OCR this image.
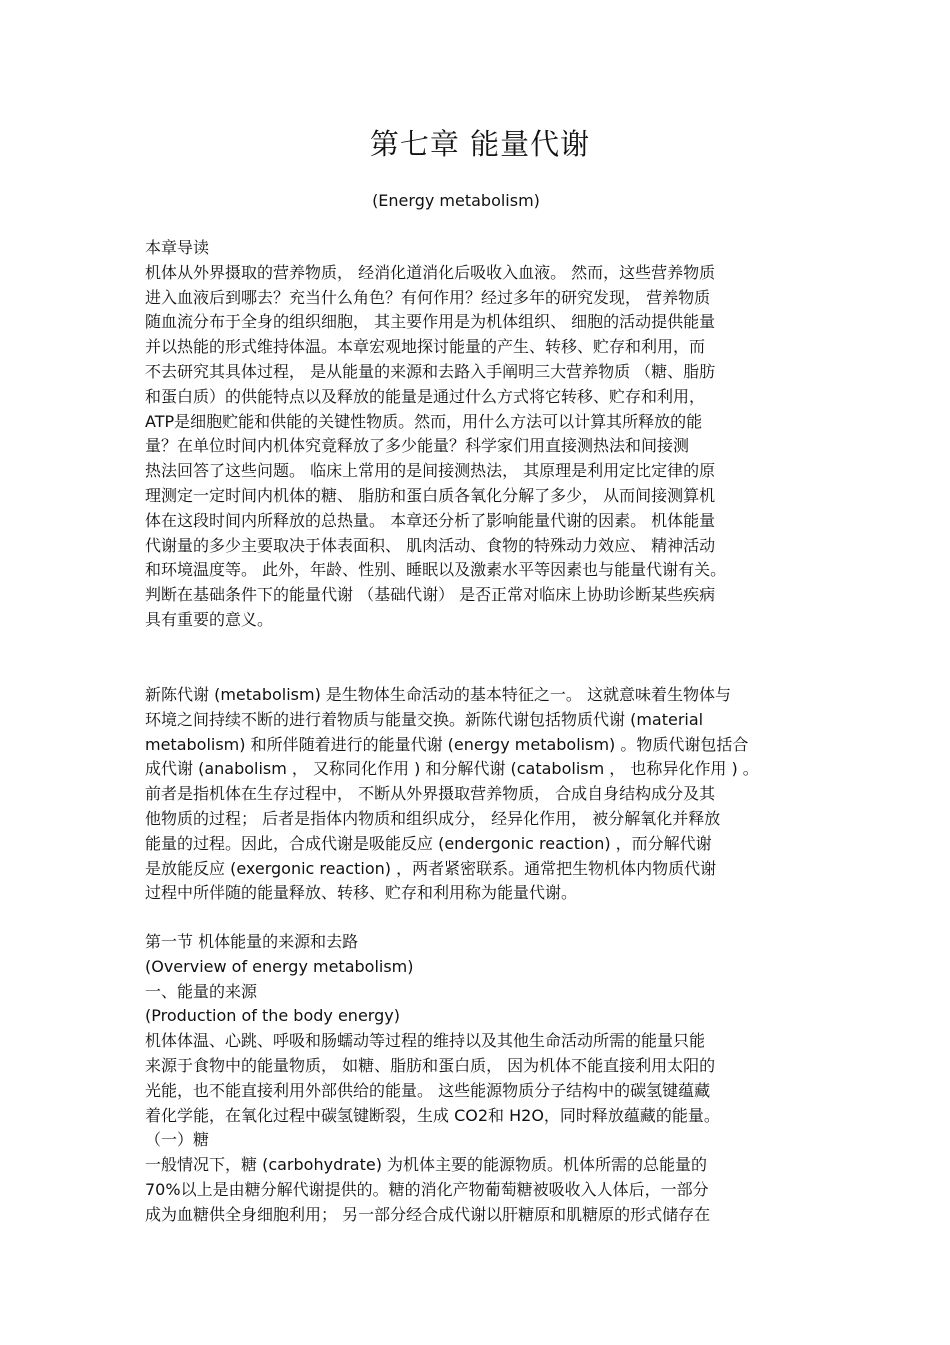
第七章 能量代谢

(Energy metabolism)

本章导读
机体从外界摄取的营养物质， 经消化道消化后吸收入血液。 然而，这些营养物质
进入血液后到哪去？充当什么角色？有何作用？经过多年的研究发现， 营养物质
随血流分布于全身的组织细胞， 其主要作用是为机体组织、 细胞的活动提供能量
并以热能的形式维持体温。本章宏观地探讨能量的产生、转移、贮存和利用，而
不去研究其具体过程， 是从能量的来源和去路入手阐明三大营养物质 （糖、脂肪
和蛋白质）的供能特点以及释放的能量是通过什么方式将它转移、贮存和利用，
ATP是细胞贮能和供能的关键性物质。然而，用什么方法可以计算其所释放的能
量？在单位时间内机体究竟释放了多少能量？科学家们用直接测热法和间接测
热法回答了这些问题。 临床上常用的是间接测热法， 其原理是利用定比定律的原
理测定一定时间内机体的糖、 脂肪和蛋白质各氧化分解了多少， 从而间接测算机
体在这段时间内所释放的总热量。 本章还分析了影响能量代谢的因素。 机体能量
代谢量的多少主要取决于体表面积、 肌肉活动、食物的特殊动力效应、 精神活动
和环境温度等。 此外，年龄、性别、睡眠以及激素水平等因素也与能量代谢有关。
判断在基础条件下的能量代谢 （基础代谢） 是否正常对临床上协助诊断某些疾病
具有重要的意义。
新陈代谢 (metabolism) 是生物体生命活动的基本特征之一。 这就意味着生物体与
环境之间持续不断的进行着物质与能量交换。新陈代谢包括物质代谢 (material
metabolism) 和所伴随着进行的能量代谢 (energy metabolism) 。物质代谢包括合
成代谢 (anabolism ， 又称同化作用 ) 和分解代谢 (catabolism ， 也称异化作用 ) 。
前者是指机体在生存过程中， 不断从外界摄取营养物质， 合成自身结构成分及其
他物质的过程； 后者是指体内物质和组织成分， 经异化作用， 被分解氧化并释放
能量的过程。因此，合成代谢是吸能反应 (endergonic reaction) ，而分解代谢
是放能反应 (exergonic reaction) ，两者紧密联系。通常把生物机体内物质代谢
过程中所伴随的能量释放、转移、贮存和利用称为能量代谢。
第一节 机体能量的来源和去路
(Overview of energy metabolism)
一、能量的来源
(Production of the body energy)
机体体温、心跳、呼吸和肠蠕动等过程的维持以及其他生命活动所需的能量只能
来源于食物中的能量物质， 如糖、脂肪和蛋白质， 因为机体不能直接利用太阳的
光能，也不能直接利用外部供给的能量。 这些能源物质分子结构中的碳氢键蕴藏
着化学能，在氧化过程中碳氢键断裂，生成 CO2和 H2O，同时释放蕴藏的能量。
（一）糖
一般情况下，糖 (carbohydrate) 为机体主要的能源物质。机体所需的总能量的
70%以上是由糖分解代谢提供的。糖的消化产物葡萄糖被吸收入人体后，一部分
成为血糖供全身细胞利用； 另一部分经合成代谢以肝糖原和肌糖原的形式储存在
